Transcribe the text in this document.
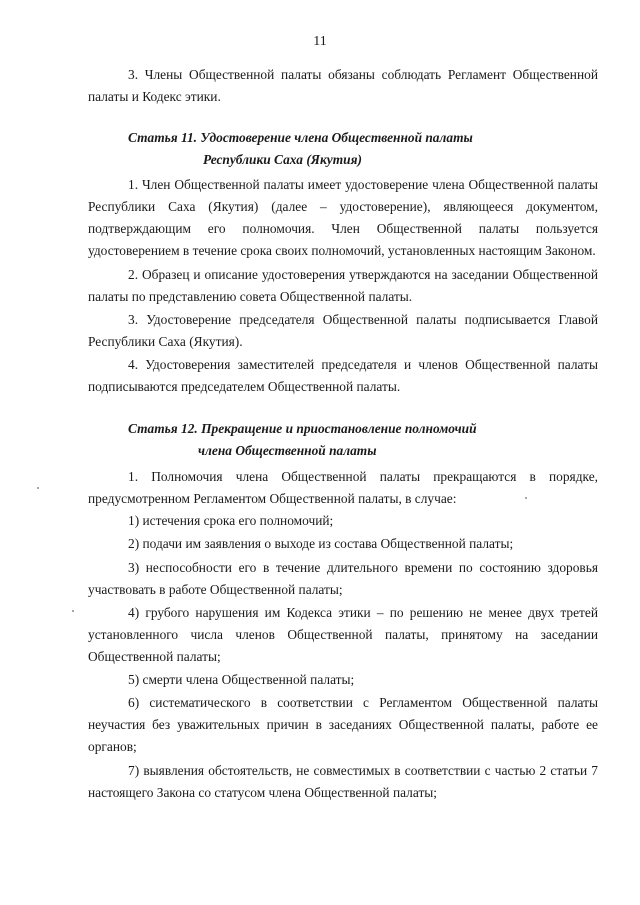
11
3. Члены Общественной палаты обязаны соблюдать Регламент Общественной
палаты и Кодекс этики.
Статья 11. Удостоверение члена Общественной палаты
Республики Саха (Якутия)
1. Член Общественной палаты имеет удостоверение члена Общественной палаты
Республики Саха (Якутия) (далее – удостоверение), являющееся документом,
подтверждающим его полномочия. Член Общественной палаты пользуется
удостоверением в течение срока своих полномочий, установленных настоящим Законом.
2. Образец и описание удостоверения утверждаются на заседании Общественной
палаты по представлению совета Общественной палаты.
3. Удостоверение председателя Общественной палаты подписывается Главой
Республики Саха (Якутия).
4. Удостоверения заместителей председателя и членов Общественной палаты
подписываются председателем Общественной палаты.
Статья 12. Прекращение и приостановление полномочий
члена Общественной палаты
1. Полномочия члена Общественной палаты прекращаются в порядке,
предусмотренном Регламентом Общественной палаты, в случае:
1) истечения срока его полномочий;
2) подачи им заявления о выходе из состава Общественной палаты;
3) неспособности его в течение длительного времени по состоянию здоровья
участвовать в работе Общественной палаты;
4) грубого нарушения им Кодекса этики – по решению не менее двух третей
установленного числа членов Общественной палаты, принятому на заседании
Общественной палаты;
5) смерти члена Общественной палаты;
6) систематического в соответствии с Регламентом Общественной палаты
неучастия без уважительных причин в заседаниях Общественной палаты, работе ее
органов;
7) выявления обстоятельств, не совместимых в соответствии с частью 2 статьи 7
настоящего Закона со статусом члена Общественной палаты;
